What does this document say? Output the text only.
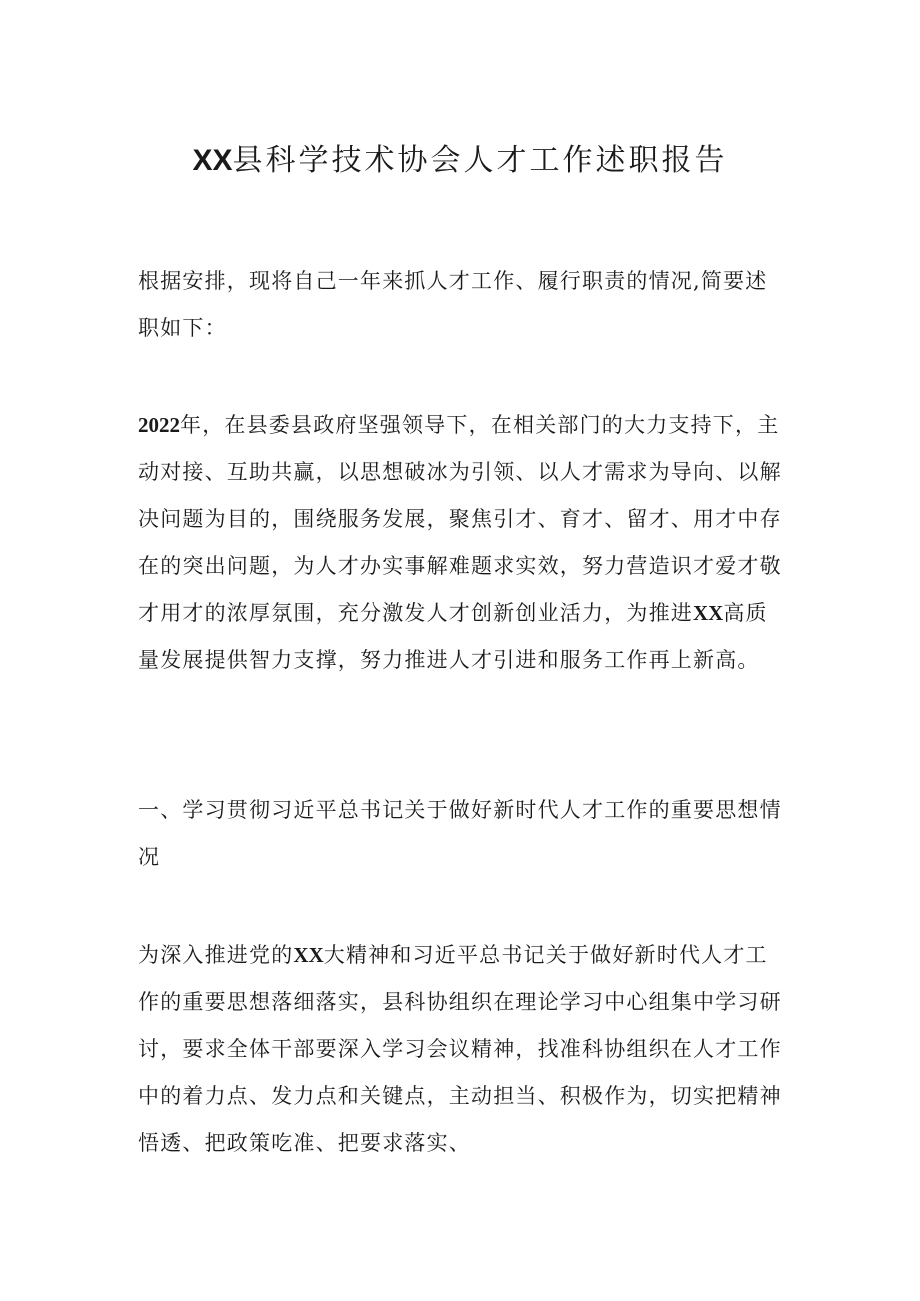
XX县科学技术协会人才工作述职报告

根据安排，现将自己一年来抓人才工作、履行职责的情况,简要述职如下：

2022年，在县委县政府坚强领导下，在相关部门的大力支持下，主动对接、互助共赢，以思想破冰为引领、以人才需求为导向、以解决问题为目的，围绕服务发展，聚焦引才、育才、留才、用才中存在的突出问题，为人才办实事解难题求实效，努力营造识才爱才敬才用才的浓厚氛围，充分激发人才创新创业活力，为推进XX高质量发展提供智力支撑，努力推进人才引进和服务工作再上新高。

一、学习贯彻习近平总书记关于做好新时代人才工作的重要思想情况

为深入推进党的XX大精神和习近平总书记关于做好新时代人才工作的重要思想落细落实，县科协组织在理论学习中心组集中学习研讨，要求全体干部要深入学习会议精神，找准科协组织在人才工作中的着力点、发力点和关键点，主动担当、积极作为，切实把精神悟透、把政策吃准、把要求落实、
